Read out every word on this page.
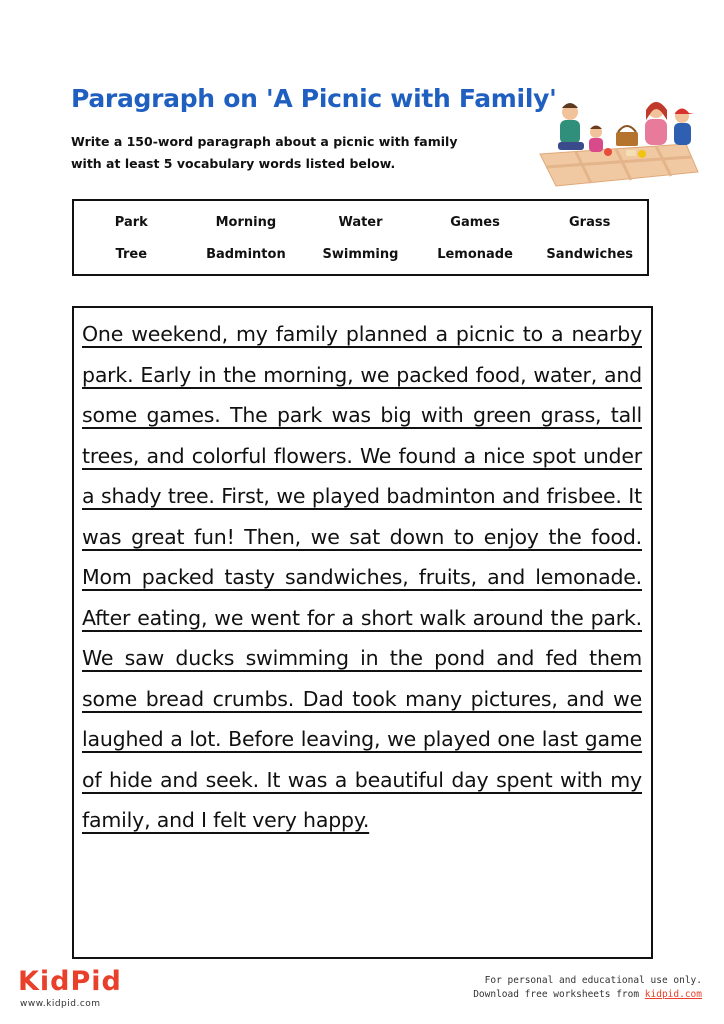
Paragraph on 'A Picnic with Family'
Write a 150-word paragraph about a picnic with family
with at least 5 vocabulary words listed below.
Park	Morning	Water	Games	Grass
Tree	Badminton	Swimming	Lemonade	Sandwiches
One weekend, my family planned a picnic to a nearby park. Early in the morning, we packed food, water, and some games. The park was big with green grass, tall trees, and colorful flowers. We found a nice spot under a shady tree. First, we played badminton and frisbee. It was great fun! Then, we sat down to enjoy the food. Mom packed tasty sandwiches, fruits, and lemonade. After eating, we went for a short walk around the park. We saw ducks swimming in the pond and fed them some bread crumbs. Dad took many pictures, and we laughed a lot. Before leaving, we played one last game of hide and seek. It was a beautiful day spent with my family, and I felt very happy.
KidPid
www.kidpid.com
For personal and educational use only.
Download free worksheets from kidpid.com
